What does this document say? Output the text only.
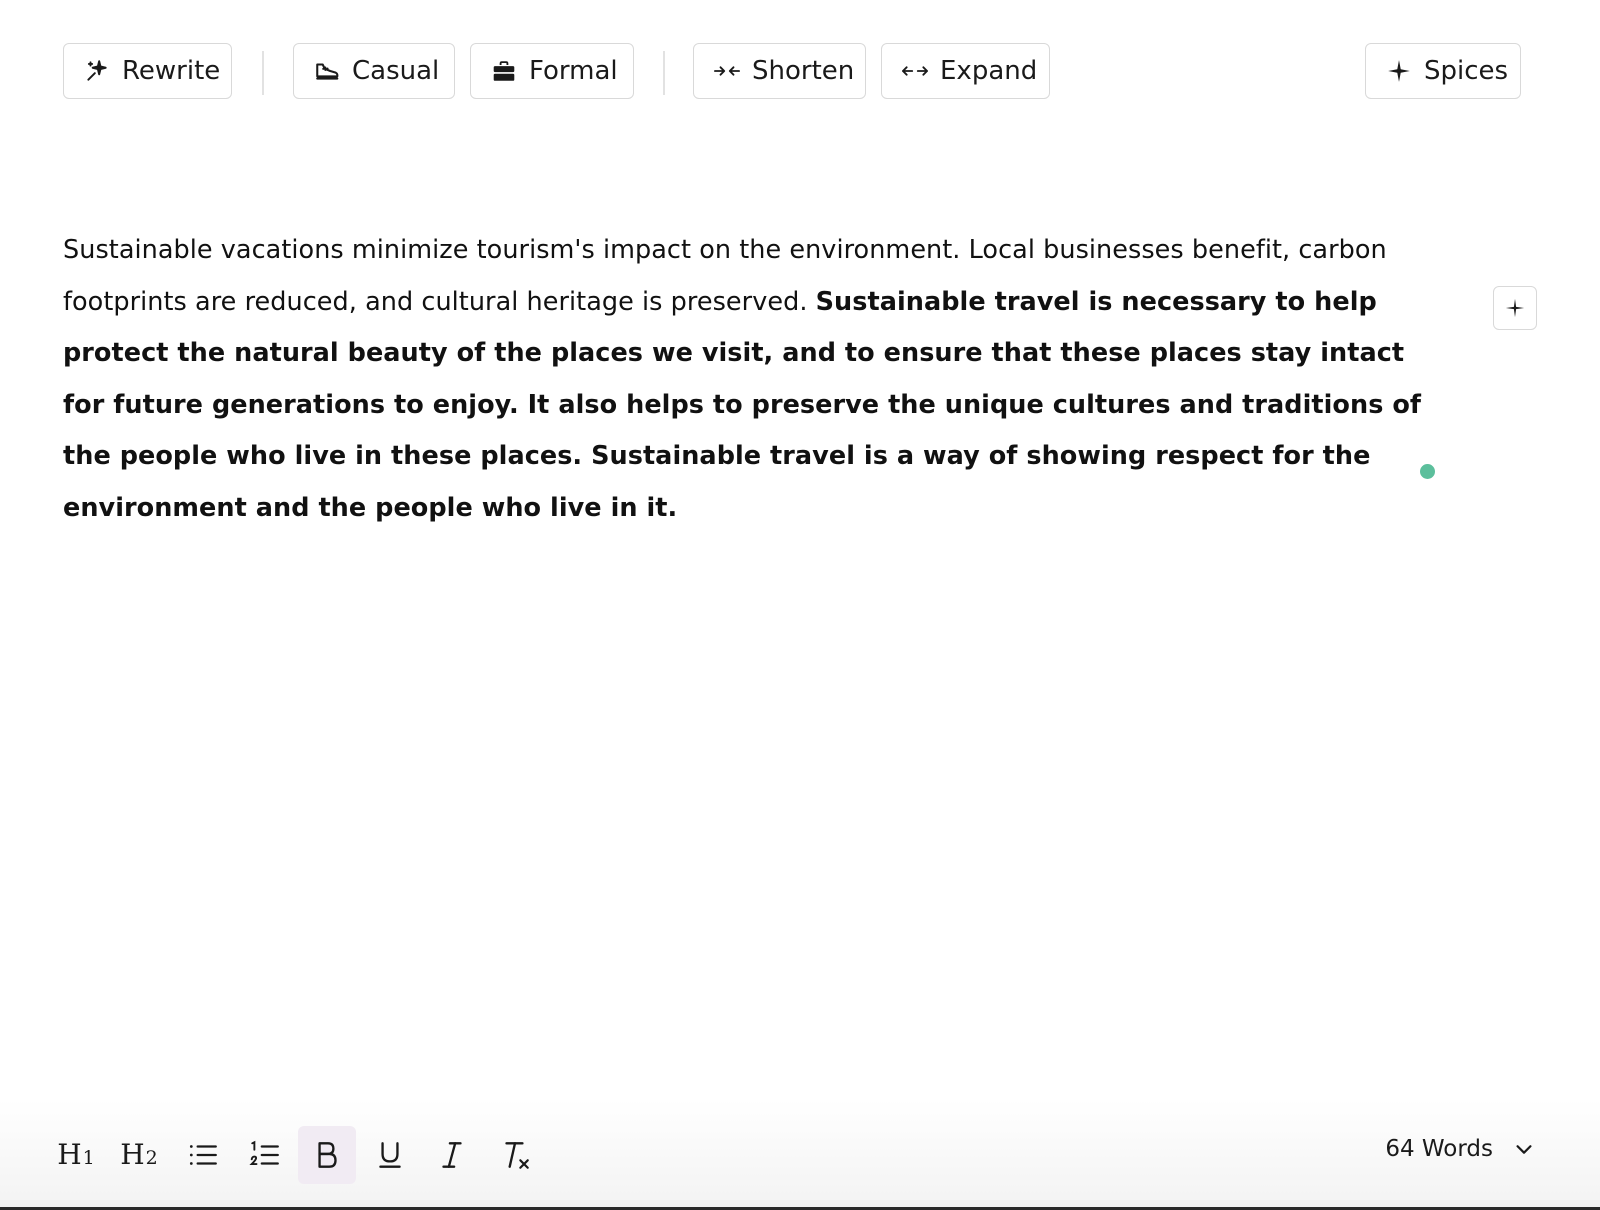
Rewrite	Casual	Formal	Shorten	Expand	Spices
Sustainable vacations minimize tourism's impact on the environment. Local businesses benefit, carbon footprints are reduced, and cultural heritage is preserved. Sustainable travel is necessary to help protect the natural beauty of the places we visit, and to ensure that these places stay intact for future generations to enjoy. It also helps to preserve the unique cultures and traditions of the people who live in these places. Sustainable travel is a way of showing respect for the environment and the people who live in it.
H 1 H 2	64 Words
